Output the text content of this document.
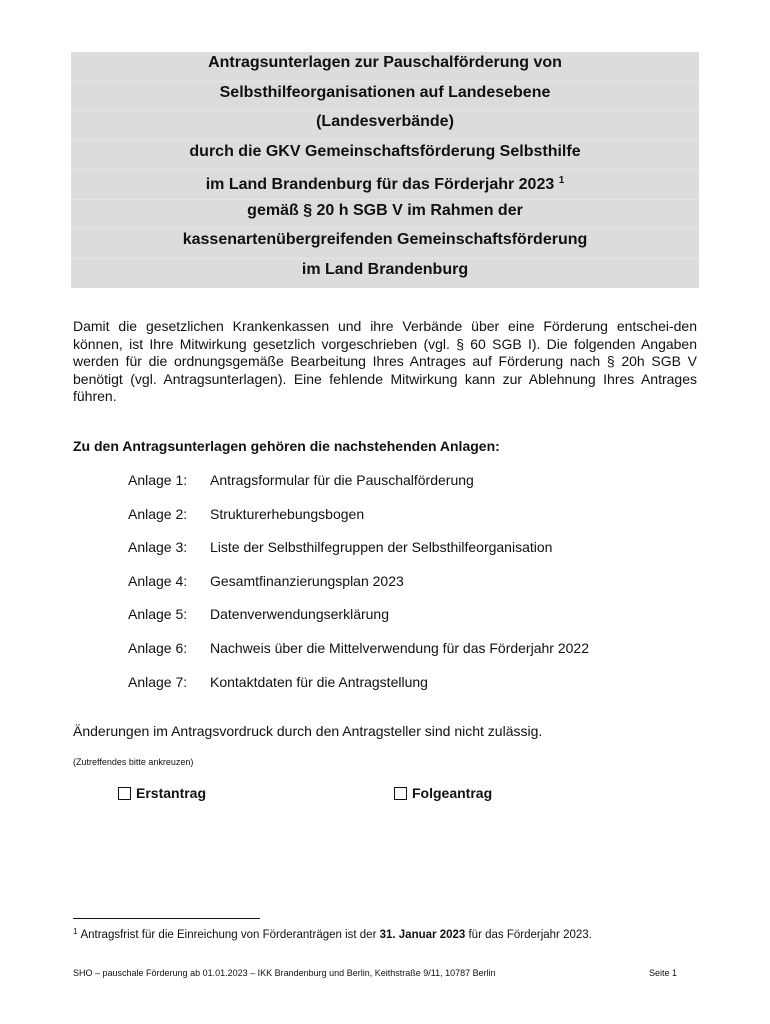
Antragsunterlagen zur Pauschalförderung von
Selbsthilfeorganisationen auf Landesebene
(Landesverbände)
durch die GKV Gemeinschaftsförderung Selbsthilfe
im Land Brandenburg für das Förderjahr 2023 $^1$
gemäß § 20 h SGB V im Rahmen der
kassenartenübergreifenden Gemeinschaftsförderung
im Land Brandenburg

Damit die gesetzlichen Krankenkassen und ihre Verbände über eine Förderung entschei-den können, ist Ihre Mitwirkung gesetzlich vorgeschrieben (vgl. § 60 SGB I). Die folgenden Angaben werden für die ordnungsgemäße Bearbeitung Ihres Antrages auf Förderung nach § 20h SGB V benötigt (vgl. Antragsunterlagen). Eine fehlende Mitwirkung kann zur Ablehnung Ihres Antrages führen.

Zu den Antragsunterlagen gehören die nachstehenden Anlagen:
Anlage 1:	Antragsformular für die Pauschalförderung
Anlage 2:	Strukturerhebungsbogen
Anlage 3:	Liste der Selbsthilfegruppen der Selbsthilfeorganisation
Anlage 4:	Gesamtfinanzierungsplan 2023
Anlage 5:	Datenverwendungserklärung
Anlage 6:	Nachweis über die Mittelverwendung für das Förderjahr 2022
Anlage 7:	Kontaktdaten für die Antragstellung
Änderungen im Antragsvordruck durch den Antragsteller sind nicht zulässig.
(Zutreffendes bitte ankreuzen)
Erstantrag	Folgeantrag
$^1$ Antragsfrist für die Einreichung von Förderanträgen ist der 31. Januar 2023 für das Förderjahr 2023.
SHO – pauschale Förderung ab 01.01.2023 – IKK Brandenburg und Berlin, Keithstraße 9/11, 10787 Berlin	Seite 1
